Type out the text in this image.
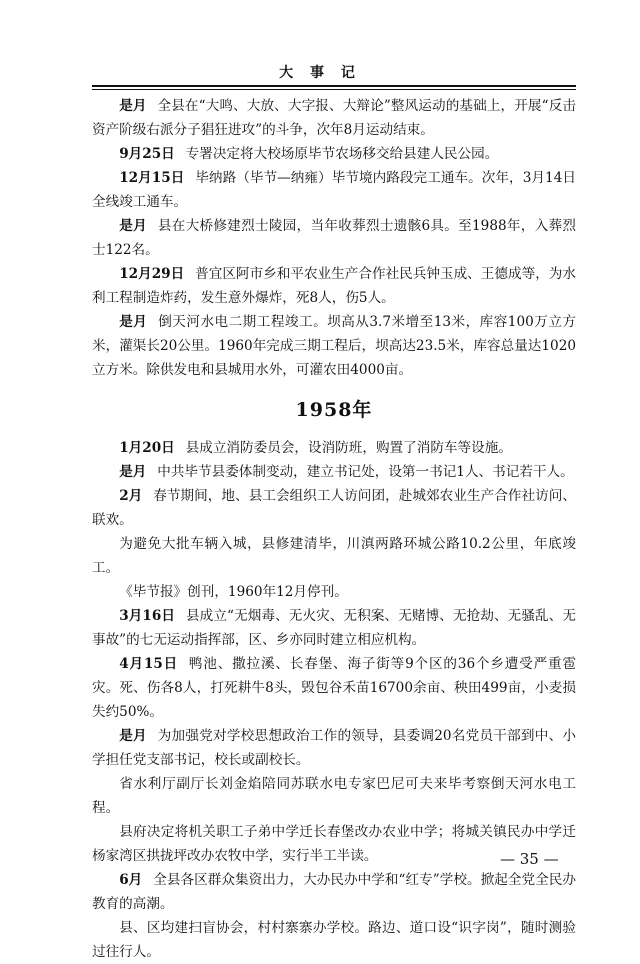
大 事 记

是月 全县在“大鸣、大放、大字报、大辩论”整风运动的基础上，开展“反击资产阶级右派分子猖狂进攻”的斗争，次年8月运动结束。

9月25日 专署决定将大校场原毕节农场移交给县建人民公园。

12月15日 毕纳路（毕节—纳雍）毕节境内路段完工通车。次年，3月14日全线竣工通车。

是月 县在大桥修建烈士陵园，当年收葬烈士遗骸6具。至1988年，入葬烈士122名。

12月29日 普宜区阿市乡和平农业生产合作社民兵钟玉成、王德成等，为水利工程制造炸药，发生意外爆炸，死8人，伤5人。

是月 倒天河水电二期工程竣工。坝高从3.7米增至13米，库容100万立方米，灌渠长20公里。1960年完成三期工程后，坝高达23.5米，库容总量达1020立方米。除供发电和县城用水外，可灌农田4000亩。

1958年

1月20日 县成立消防委员会，设消防班，购置了消防车等设施。

是月 中共毕节县委体制变动，建立书记处，设第一书记1人、书记若干人。

2月 春节期间，地、县工会组织工人访问团，赴城郊农业生产合作社访问、联欢。

为避免大批车辆入城，县修建清毕，川滇两路环城公路10.2公里，年底竣工。

《毕节报》创刊，1960年12月停刊。

3月16日 县成立“无烟毒、无火灾、无积案、无赌博、无抢劫、无骚乱、无事故”的七无运动指挥部，区、乡亦同时建立相应机构。

4月15日 鸭池、撒拉溪、长春堡、海子街等9个区的36个乡遭受严重雹灾。死、伤各8人，打死耕牛8头，毁包谷禾苗16700余亩、秧田499亩，小麦损失约50%。

是月 为加强党对学校思想政治工作的领导，县委调20名党员干部到中、小学担任党支部书记，校长或副校长。

省水利厅副厅长刘金焰陪同苏联水电专家巴尼可夫来毕考察倒天河水电工程。

县府决定将机关职工子弟中学迁长春堡改办农业中学；将城关镇民办中学迁杨家湾区拱拢坪改办农牧中学，实行半工半读。

6月 全县各区群众集资出力，大办民办中学和“红专”学校。掀起全党全民办教育的高潮。

县、区均建扫盲协会，村村寨寨办学校。路边、道口设“识字岗”，随时测验过往行人。

— 35 —
